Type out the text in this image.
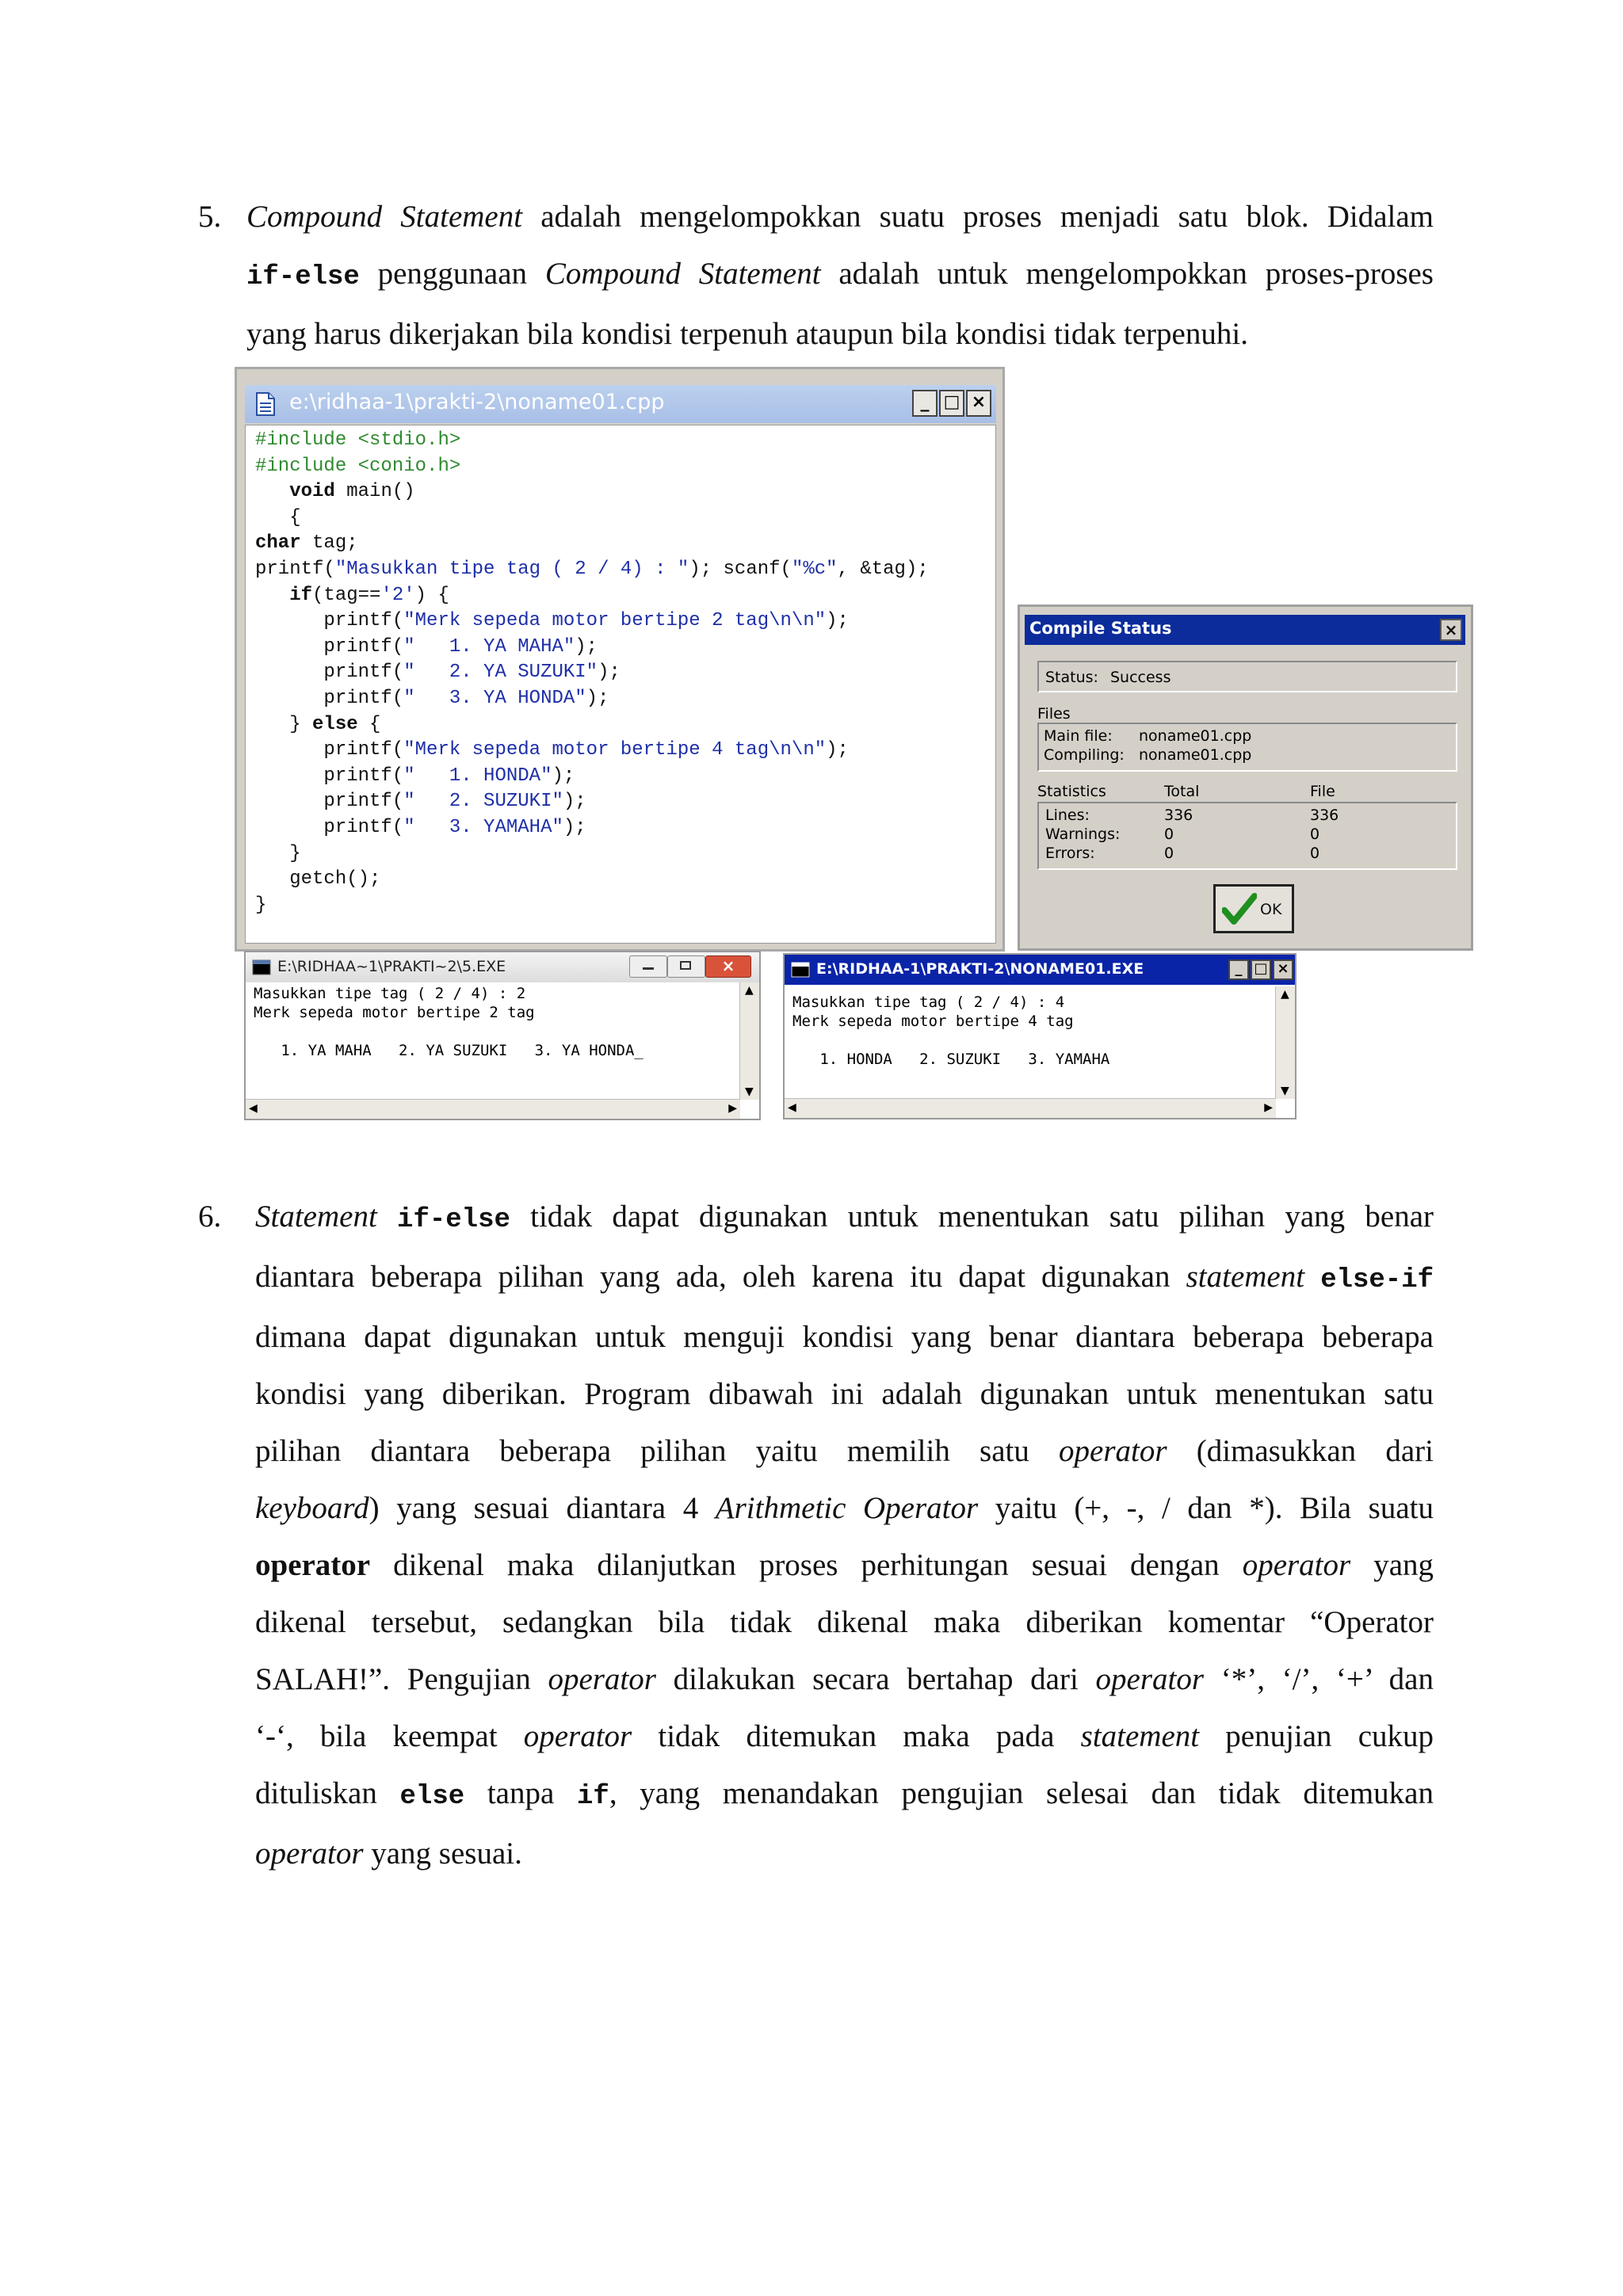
5. Compound Statement adalah mengelompokkan suatu proses menjadi satu blok. Didalam
if-else penggunaan Compound Statement adalah untuk mengelompokkan proses-proses
yang harus dikerjakan bila kondisi terpenuh ataupun bila kondisi tidak terpenuhi.
e:\ridhaa-1\prakti-2\noname01.cpp	_ □ ×
#include <stdio.h>
#include <conio.h>
void main()
{
char tag;
printf("Masukkan tipe tag ( 2 / 4) : "); scanf("%c", &tag);
if(tag=='2') {
printf("Merk sepeda motor bertipe 2 tag\n\n");
printf("   1. YA MAHA");
printf("   2. YA SUZUKI");
printf("   3. YA HONDA");
} else {
printf("Merk sepeda motor bertipe 4 tag\n\n");
printf("   1. HONDA");
printf("   2. SUZUKI");
printf("   3. YAMAHA");
}
getch();
}
Compile Status	×
Status: Success
Files
Main file: noname01.cpp
Compiling: noname01.cpp
Statistics	Total	File
Lines:	336	336
Warnings:	0	0
Errors:	0	0
OK
E:\RIDHAA~1\PRAKTI~2\5.EXE	×
Masukkan tipe tag ( 2 / 4) : 2
Merk sepeda motor bertipe 2 tag
1. YA MAHA   2. YA SUZUKI   3. YA HONDA_
▲
▼
◀	▶
E:\RIDHAA-1\PRAKTI-2\NONAME01.EXE	_ □ ×
Masukkan tipe tag ( 2 / 4) : 4
Merk sepeda motor bertipe 4 tag
1. HONDA   2. SUZUKI   3. YAMAHA
▲
▼
◀	▶
6. Statement if-else tidak dapat digunakan untuk menentukan satu pilihan yang benar
diantara beberapa pilihan yang ada, oleh karena itu dapat digunakan statement else-if
dimana dapat digunakan untuk menguji kondisi yang benar diantara beberapa beberapa
kondisi yang diberikan. Program dibawah ini adalah digunakan untuk menentukan satu
pilihan diantara beberapa pilihan yaitu memilih satu operator (dimasukkan dari
keyboard) yang sesuai diantara 4 Arithmetic Operator yaitu (+, -, / dan *). Bila suatu
operator dikenal maka dilanjutkan proses perhitungan sesuai dengan operator yang
dikenal tersebut, sedangkan bila tidak dikenal maka diberikan komentar “Operator
SALAH!”. Pengujian operator dilakukan secara bertahap dari operator ‘*’, ‘/’, ‘+’ dan
‘-‘, bila keempat operator tidak ditemukan maka pada statement penujian cukup
dituliskan else tanpa if, yang menandakan pengujian selesai dan tidak ditemukan
operator yang sesuai.
